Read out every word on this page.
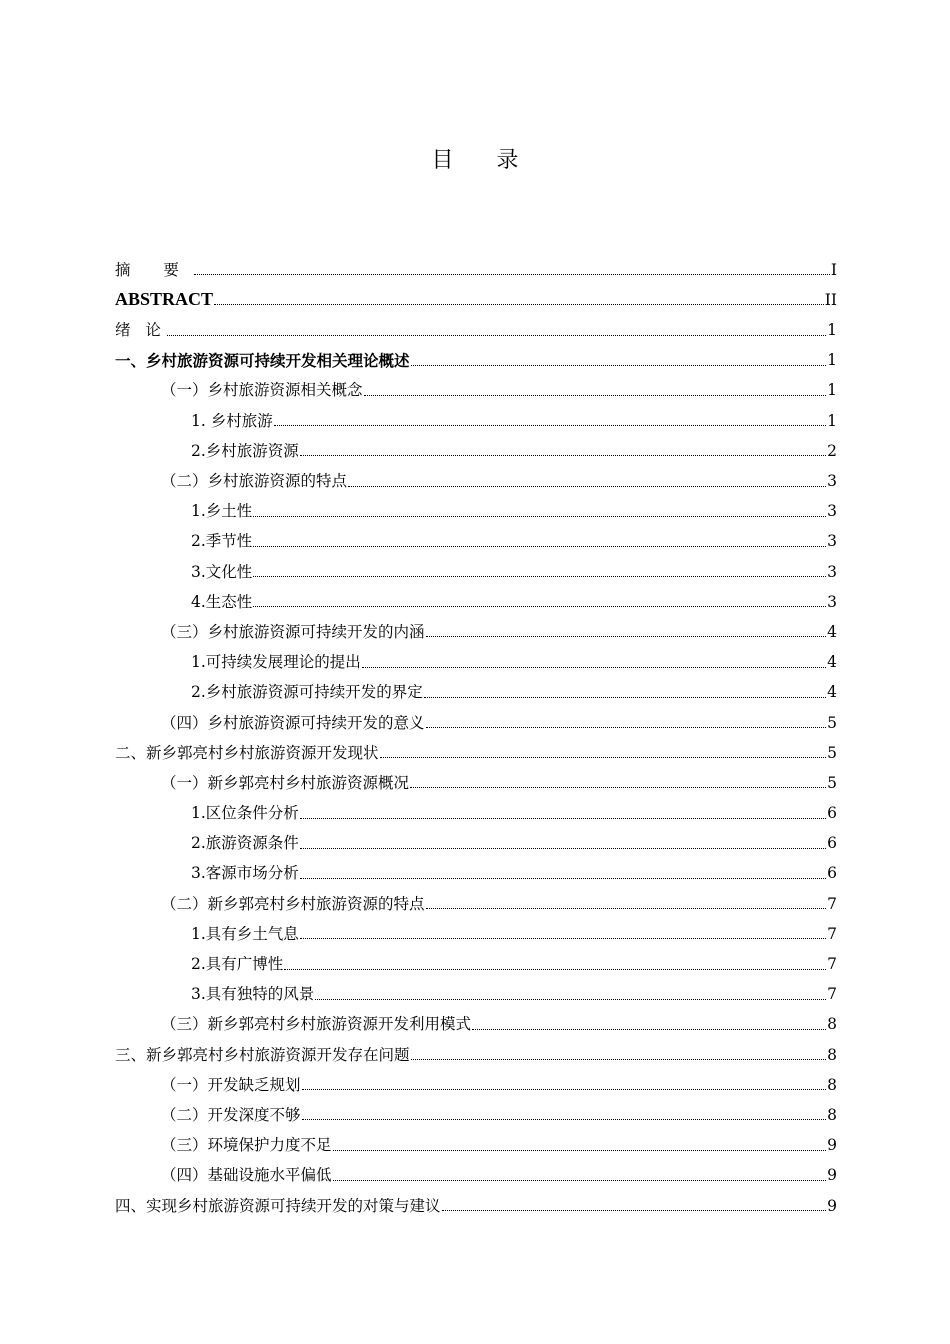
目 录
摘 要	I
ABSTRACT	II
绪 论	1
一、乡村旅游资源可持续开发相关理论概述	1
（一）乡村旅游资源相关概念	1
1. 乡村旅游	1
2.乡村旅游资源	2
（二）乡村旅游资源的特点	3
1.乡土性	3
2.季节性	3
3.文化性	3
4.生态性	3
（三）乡村旅游资源可持续开发的内涵	4
1.可持续发展理论的提出	4
2.乡村旅游资源可持续开发的界定	4
（四）乡村旅游资源可持续开发的意义	5
二、新乡郭亮村乡村旅游资源开发现状	5
（一）新乡郭亮村乡村旅游资源概况	5
1.区位条件分析	6
2.旅游资源条件	6
3.客源市场分析	6
（二）新乡郭亮村乡村旅游资源的特点	7
1.具有乡土气息	7
2.具有广博性	7
3.具有独特的风景	7
（三）新乡郭亮村乡村旅游资源开发利用模式	8
三、新乡郭亮村乡村旅游资源开发存在问题	8
（一）开发缺乏规划	8
（二）开发深度不够	8
（三）环境保护力度不足	9
（四）基础设施水平偏低	9
四、实现乡村旅游资源可持续开发的对策与建议	9
